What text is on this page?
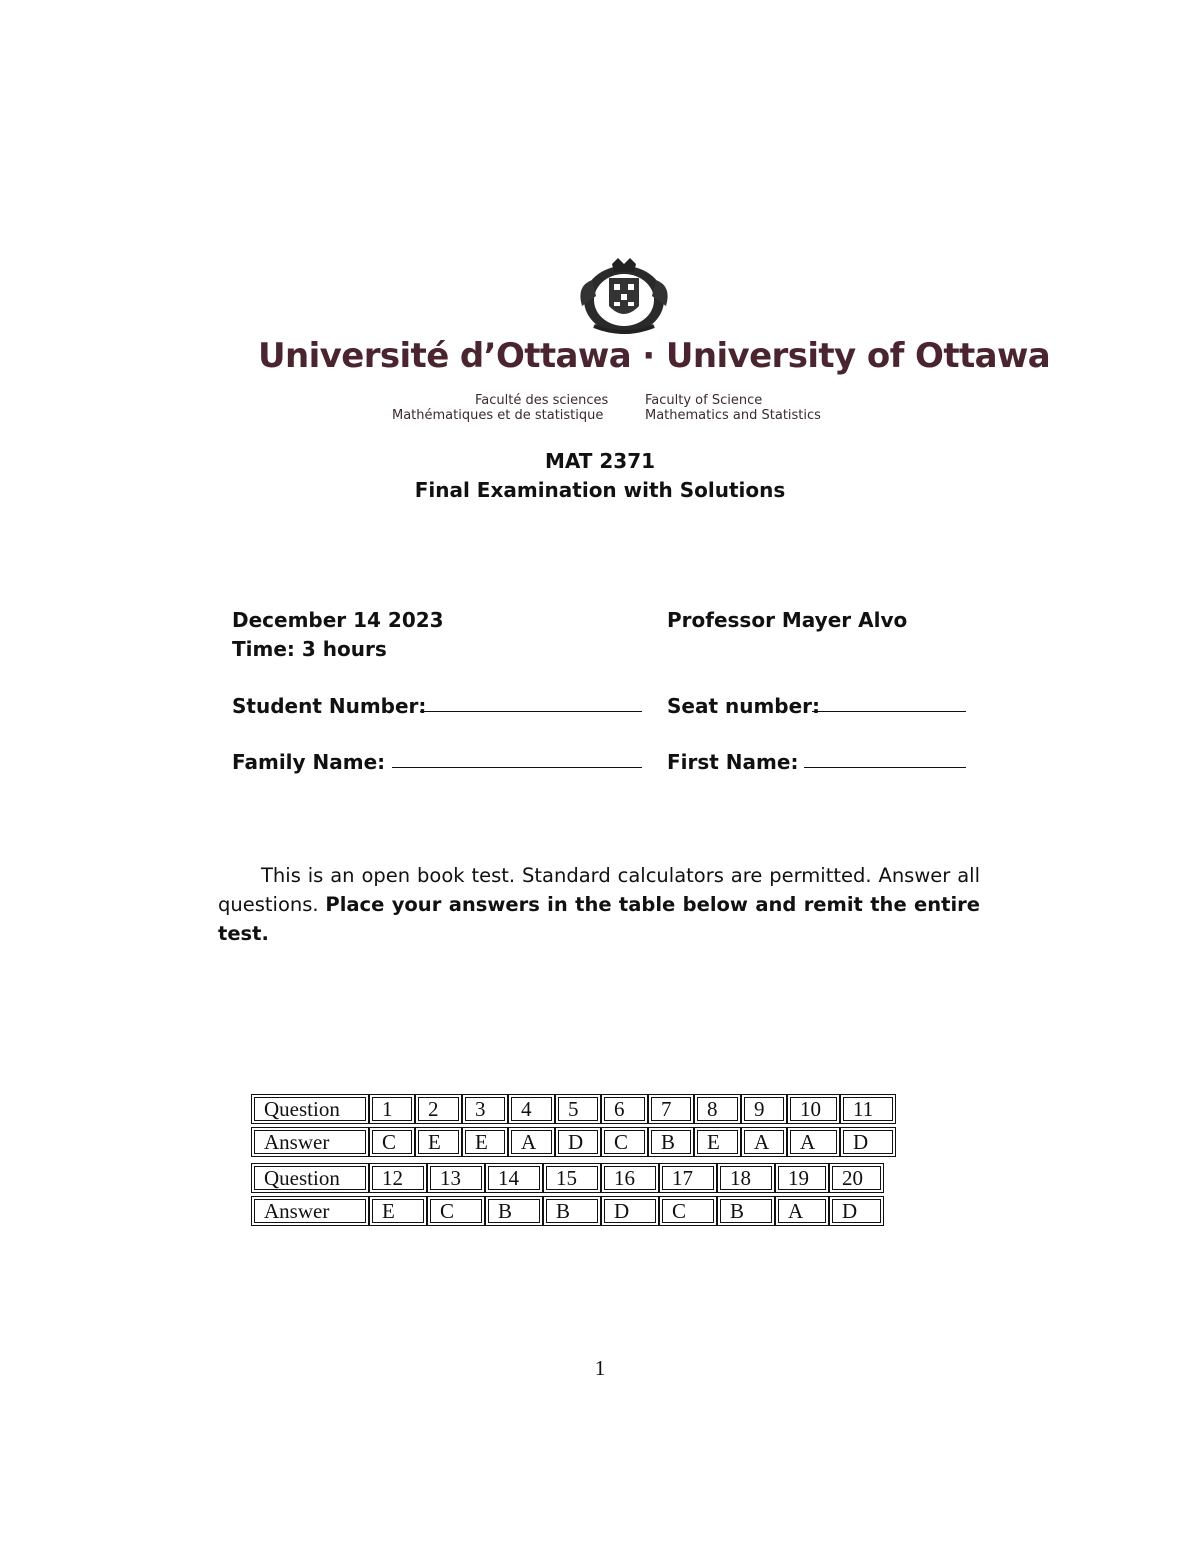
Université d’Ottawa · University of Ottawa
Faculté des sciences
Mathématiques et de statistique
Faculty of Science
Mathematics and Statistics
MAT 2371
Final Examination with Solutions
December 14 2023
Time: 3 hours
Professor Mayer Alvo
Student Number:	Seat number:
Family Name:	First Name:
This is an open book test. Standard calculators are permitted. Answer all questions. Place your answers in the table below and remit the entire test.
Question	1	2	3	4	5	6	7	8	9	10	11
Answer	C	E	E	A	D	C	B	E	A	A	D
Question	12	13	14	15	16	17	18	19	20
Answer	E	C	B	B	D	C	B	A	D
1
